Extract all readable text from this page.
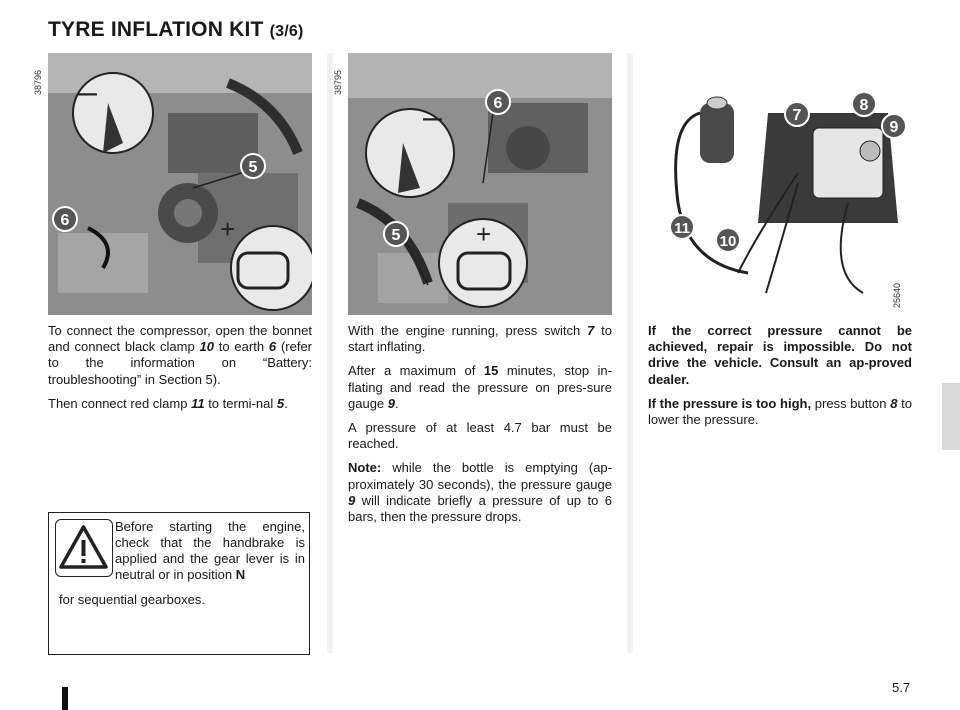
TYRE INFLATION KIT (3/6)
–
+
38796
–
+
38795
25640
5
6
6
5
7
8
9
11
10

To connect the compressor, open the bonnet and connect black clamp 10 to earth 6 (refer to the information on “Battery: troubleshooting” in Section 5).

Then connect red clamp 11 to termi-nal 5.

Before starting the engine, check that the handbrake is applied and the gear lever is in neutral or in position N
for sequential gearboxes.

With the engine running, press switch 7 to start inflating.

After a maximum of 15 minutes, stop in-flating and read the pressure on pres-sure gauge 9.

A pressure of at least 4.7 bar must be reached.

Note: while the bottle is emptying (ap-proximately 30 seconds), the pressure gauge 9 will indicate briefly a pressure of up to 6 bars, then the pressure drops.

If the correct pressure cannot be achieved, repair is impossible. Do not drive the vehicle. Consult an ap-proved dealer.

If the pressure is too high, press button 8 to lower the pressure.

5.7
